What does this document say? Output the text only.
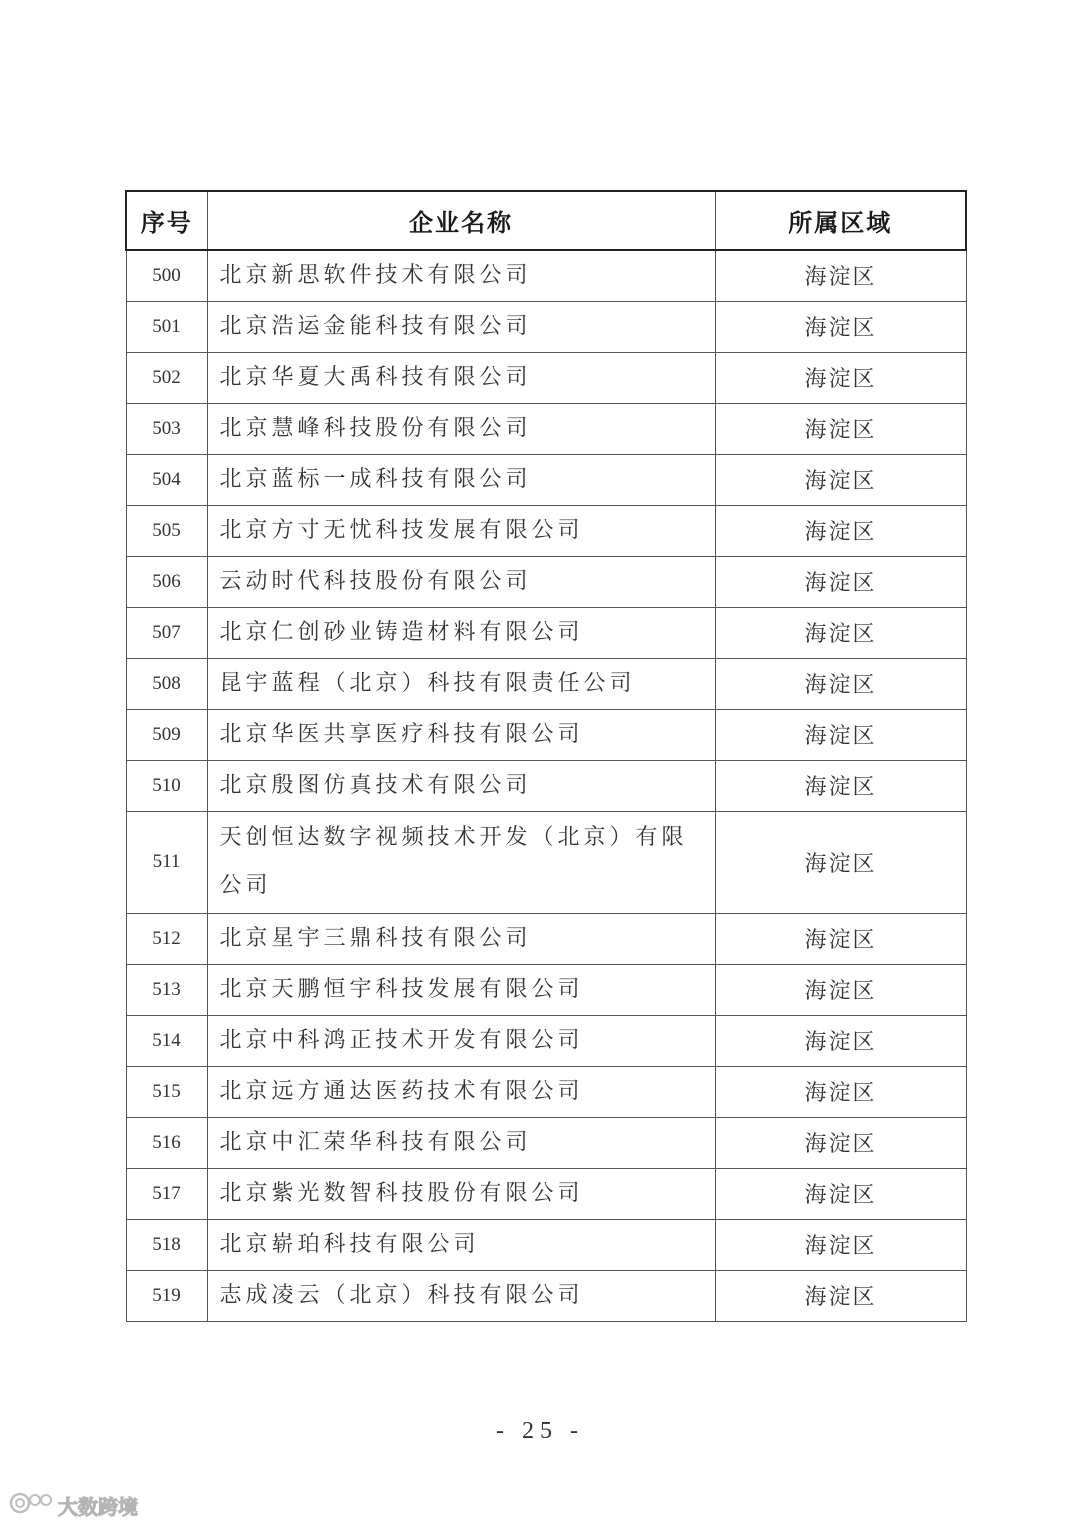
序号	企业名称	所属区域
500	北京新思软件技术有限公司	海淀区
501	北京浩运金能科技有限公司	海淀区
502	北京华夏大禹科技有限公司	海淀区
503	北京慧峰科技股份有限公司	海淀区
504	北京蓝标一成科技有限公司	海淀区
505	北京方寸无忧科技发展有限公司	海淀区
506	云动时代科技股份有限公司	海淀区
507	北京仁创砂业铸造材料有限公司	海淀区
508	昆宇蓝程（北京）科技有限责任公司	海淀区
509	北京华医共享医疗科技有限公司	海淀区
510	北京殷图仿真技术有限公司	海淀区
511	天创恒达数字视频技术开发（北京）有限公司	海淀区
512	北京星宇三鼎科技有限公司	海淀区
513	北京天鹏恒宇科技发展有限公司	海淀区
514	北京中科鸿正技术开发有限公司	海淀区
515	北京远方通达医药技术有限公司	海淀区
516	北京中汇荣华科技有限公司	海淀区
517	北京紫光数智科技股份有限公司	海淀区
518	北京崭珀科技有限公司	海淀区
519	志成凌云（北京）科技有限公司	海淀区
- 25 -
大数跨境
